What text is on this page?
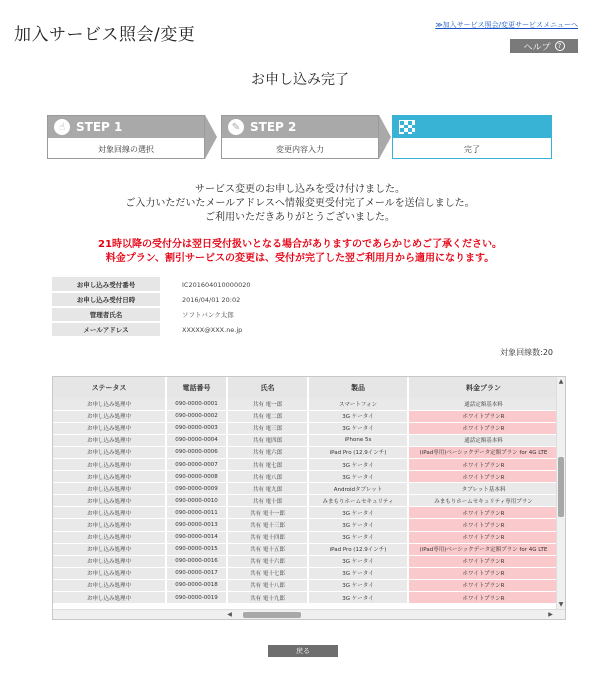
加入サービス照会/変更	≫加入サービス照会/変更サービスメニューへ
ヘルプ	?
お申し込み完了
☝ STEP 1
対象回線の選択
✎ STEP 2
変更内容入力	完了
サービス変更のお申し込みを受け付けました。
ご入力いただいたメールアドレスへ情報変更受付完了メールを送信しました。
ご利用いただきありがとうございました。
21時以降の受付分は翌日受付扱いとなる場合がありますのであらかじめご了承ください。
料金プラン、割引サービスの変更は、受付が完了した翌ご利用月から適用になります。
お申し込み受付番号	IC201604010000020
お申し込み受付日時	2016/04/01 20:02
管理者氏名	ソフトバンク太郎
メールアドレス	XXXXX@XXX.ne.jp
対象回線数:20
ステータス	電話番号	氏名	製品	料金プラン
お申し込み処理中	090-0000-0001	共有 電一郎	スマートフォン	通話定額基本料
お申し込み処理中	090-0000-0002	共有 電二郎	3G ケータイ	ホワイトプランR
お申し込み処理中	090-0000-0003	共有 電三郎	3G ケータイ	ホワイトプランR
お申し込み処理中	090-0000-0004	共有 電四郎	iPhone 5s	通話定額基本料
お申し込み処理中	090-0000-0006	共有 電六郎	iPad Pro (12.9インチ)	(iPad専用)ベーシックデータ定額プラン for 4G LTE
お申し込み処理中	090-0000-0007	共有 電七郎	3G ケータイ	ホワイトプランR
お申し込み処理中	090-0000-0008	共有 電八郎	3G ケータイ	ホワイトプランR
お申し込み処理中	090-0000-0009	共有 電九郎	Androidタブレット	タブレット基本料
お申し込み処理中	090-0000-0010	共有 電十郎	みまもりホームセキュリティ	みまもりホームセキュリティ専用プラン
お申し込み処理中	090-0000-0011	共有 電十一郎	3G ケータイ	ホワイトプランR
お申し込み処理中	090-0000-0013	共有 電十三郎	3G ケータイ	ホワイトプランR
お申し込み処理中	090-0000-0014	共有 電十四郎	3G ケータイ	ホワイトプランR
お申し込み処理中	090-0000-0015	共有 電十五郎	iPad Pro (12.9インチ)	(iPad専用)ベーシックデータ定額プラン for 4G LTE
お申し込み処理中	090-0000-0016	共有 電十六郎	3G ケータイ	ホワイトプランR
お申し込み処理中	090-0000-0017	共有 電十七郎	3G ケータイ	ホワイトプランR
お申し込み処理中	090-0000-0018	共有 電十八郎	3G ケータイ	ホワイトプランR
お申し込み処理中	090-0000-0019	共有 電十九郎	3G ケータイ	ホワイトプランR
▲
▼
◀	▶
戻る
